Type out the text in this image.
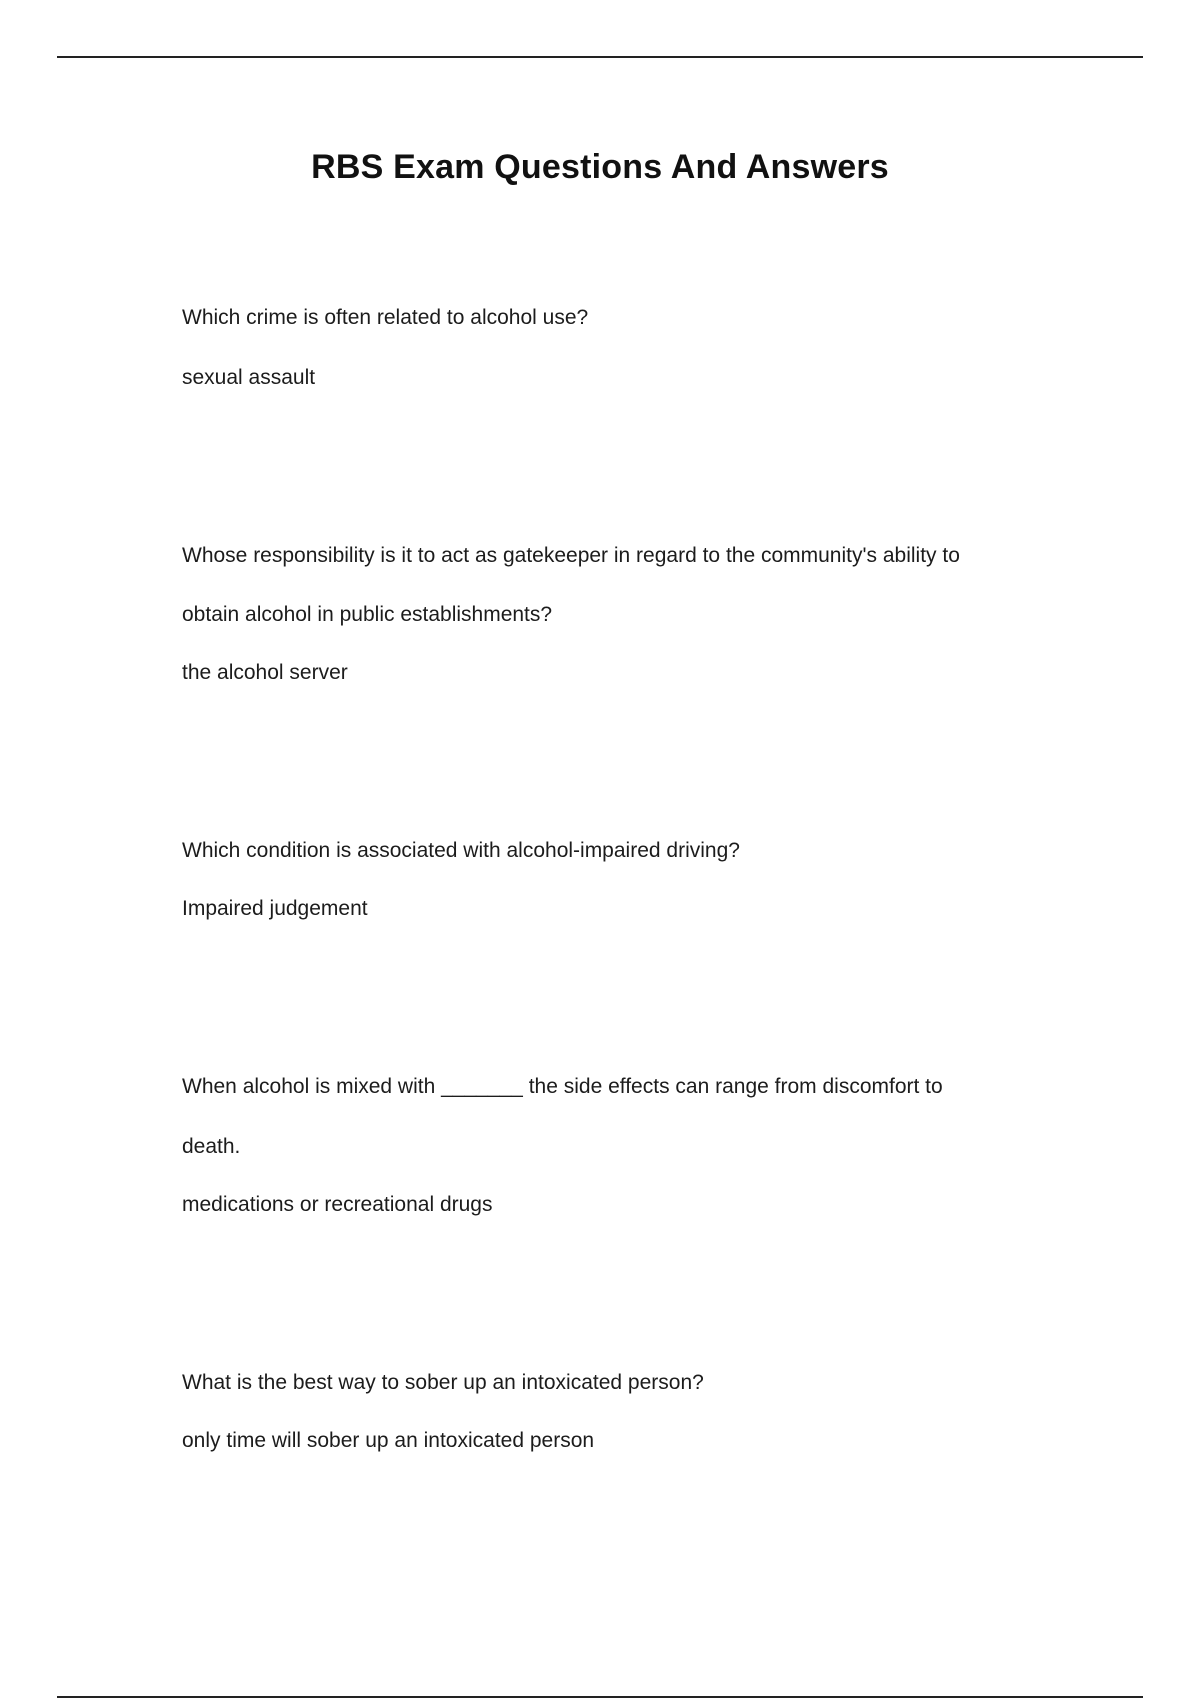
RBS Exam Questions And Answers
Which crime is often related to alcohol use?
sexual assault
Whose responsibility is it to act as gatekeeper in regard to the community's ability to
obtain alcohol in public establishments?
the alcohol server
Which condition is associated with alcohol-impaired driving?
Impaired judgement
When alcohol is mixed with _______ the side effects can range from discomfort to
death.
medications or recreational drugs
What is the best way to sober up an intoxicated person?
only time will sober up an intoxicated person
